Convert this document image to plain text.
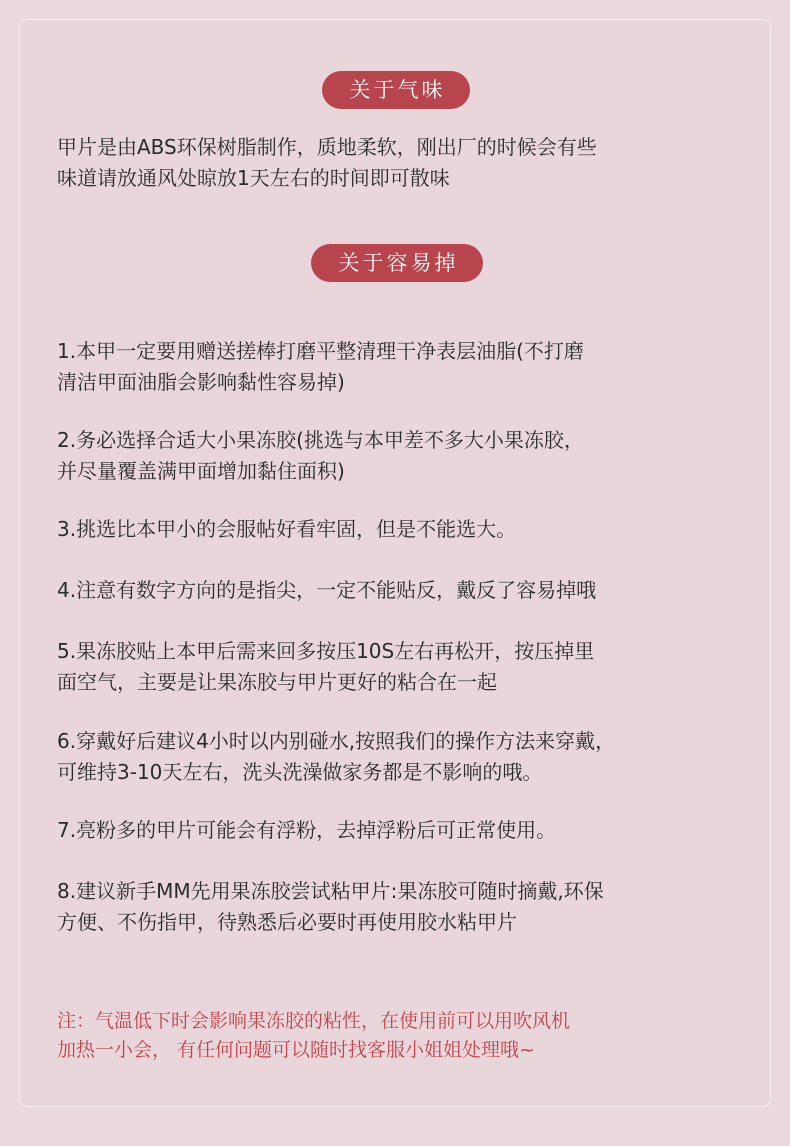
关于气味

甲片是由ABS环保树脂制作，质地柔软，刚出厂的时候会有些
味道请放通风处晾放1天左右的时间即可散味

关于容易掉

1.本甲一定要用赠送搓棒打磨平整清理干净表层油脂(不打磨
清洁甲面油脂会影响黏性容易掉)

2.务必选择合适大小果冻胶(挑选与本甲差不多大小果冻胶，
并尽量覆盖满甲面增加黏住面积)

3.挑选比本甲小的会服帖好看牢固，但是不能选大。

4.注意有数字方向的是指尖，一定不能贴反，戴反了容易掉哦

5.果冻胶贴上本甲后需来回多按压10S左右再松开，按压掉里
面空气，主要是让果冻胶与甲片更好的粘合在一起

6.穿戴好后建议4小时以内别碰水,按照我们的操作方法来穿戴，
可维持3-10天左右，洗头洗澡做家务都是不影响的哦。

7.亮粉多的甲片可能会有浮粉，去掉浮粉后可正常使用。

8.建议新手MM先用果冻胶尝试粘甲片:果冻胶可随时摘戴,环保
方便、不伤指甲，待熟悉后必要时再使用胶水粘甲片

注：气温低下时会影响果冻胶的粘性，在使用前可以用吹风机
加热一小会， 有任何问题可以随时找客服小姐姐处理哦~
